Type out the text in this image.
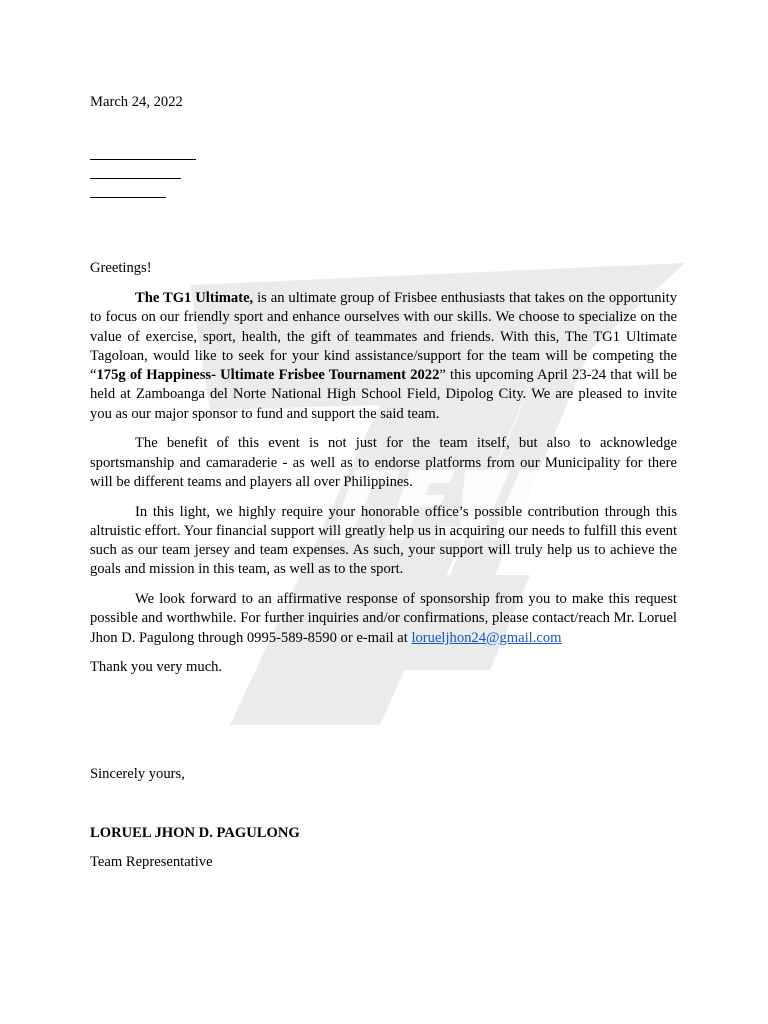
March 24, 2022

Greetings!

The TG1 Ultimate, is an ultimate group of Frisbee enthusiasts that takes on the opportunity to focus on our friendly sport and enhance ourselves with our skills. We choose to specialize on the value of exercise, sport, health, the gift of teammates and friends. With this, The TG1 Ultimate Tagoloan, would like to seek for your kind assistance/support for the team will be competing the “175g of Happiness- Ultimate Frisbee Tournament 2022” this upcoming April 23-24 that will be held at Zamboanga del Norte National High School Field, Dipolog City. We are pleased to invite you as our major sponsor to fund and support the said team.

The benefit of this event is not just for the team itself, but also to acknowledge sportsmanship and camaraderie - as well as to endorse platforms from our Municipality for there will be different teams and players all over Philippines.

In this light, we highly require your honorable office’s possible contribution through this altruistic effort. Your financial support will greatly help us in acquiring our needs to fulfill this event such as our team jersey and team expenses. As such, your support will truly help us to achieve the goals and mission in this team, as well as to the sport.

We look forward to an affirmative response of sponsorship from you to make this request possible and worthwhile. For further inquiries and/or confirmations, please contact/reach Mr. Loruel Jhon D. Pagulong through 0995-589-8590 or e-mail at lorueljhon24@gmail.com

Thank you very much.

Sincerely yours,

LORUEL JHON D. PAGULONG

Team Representative
